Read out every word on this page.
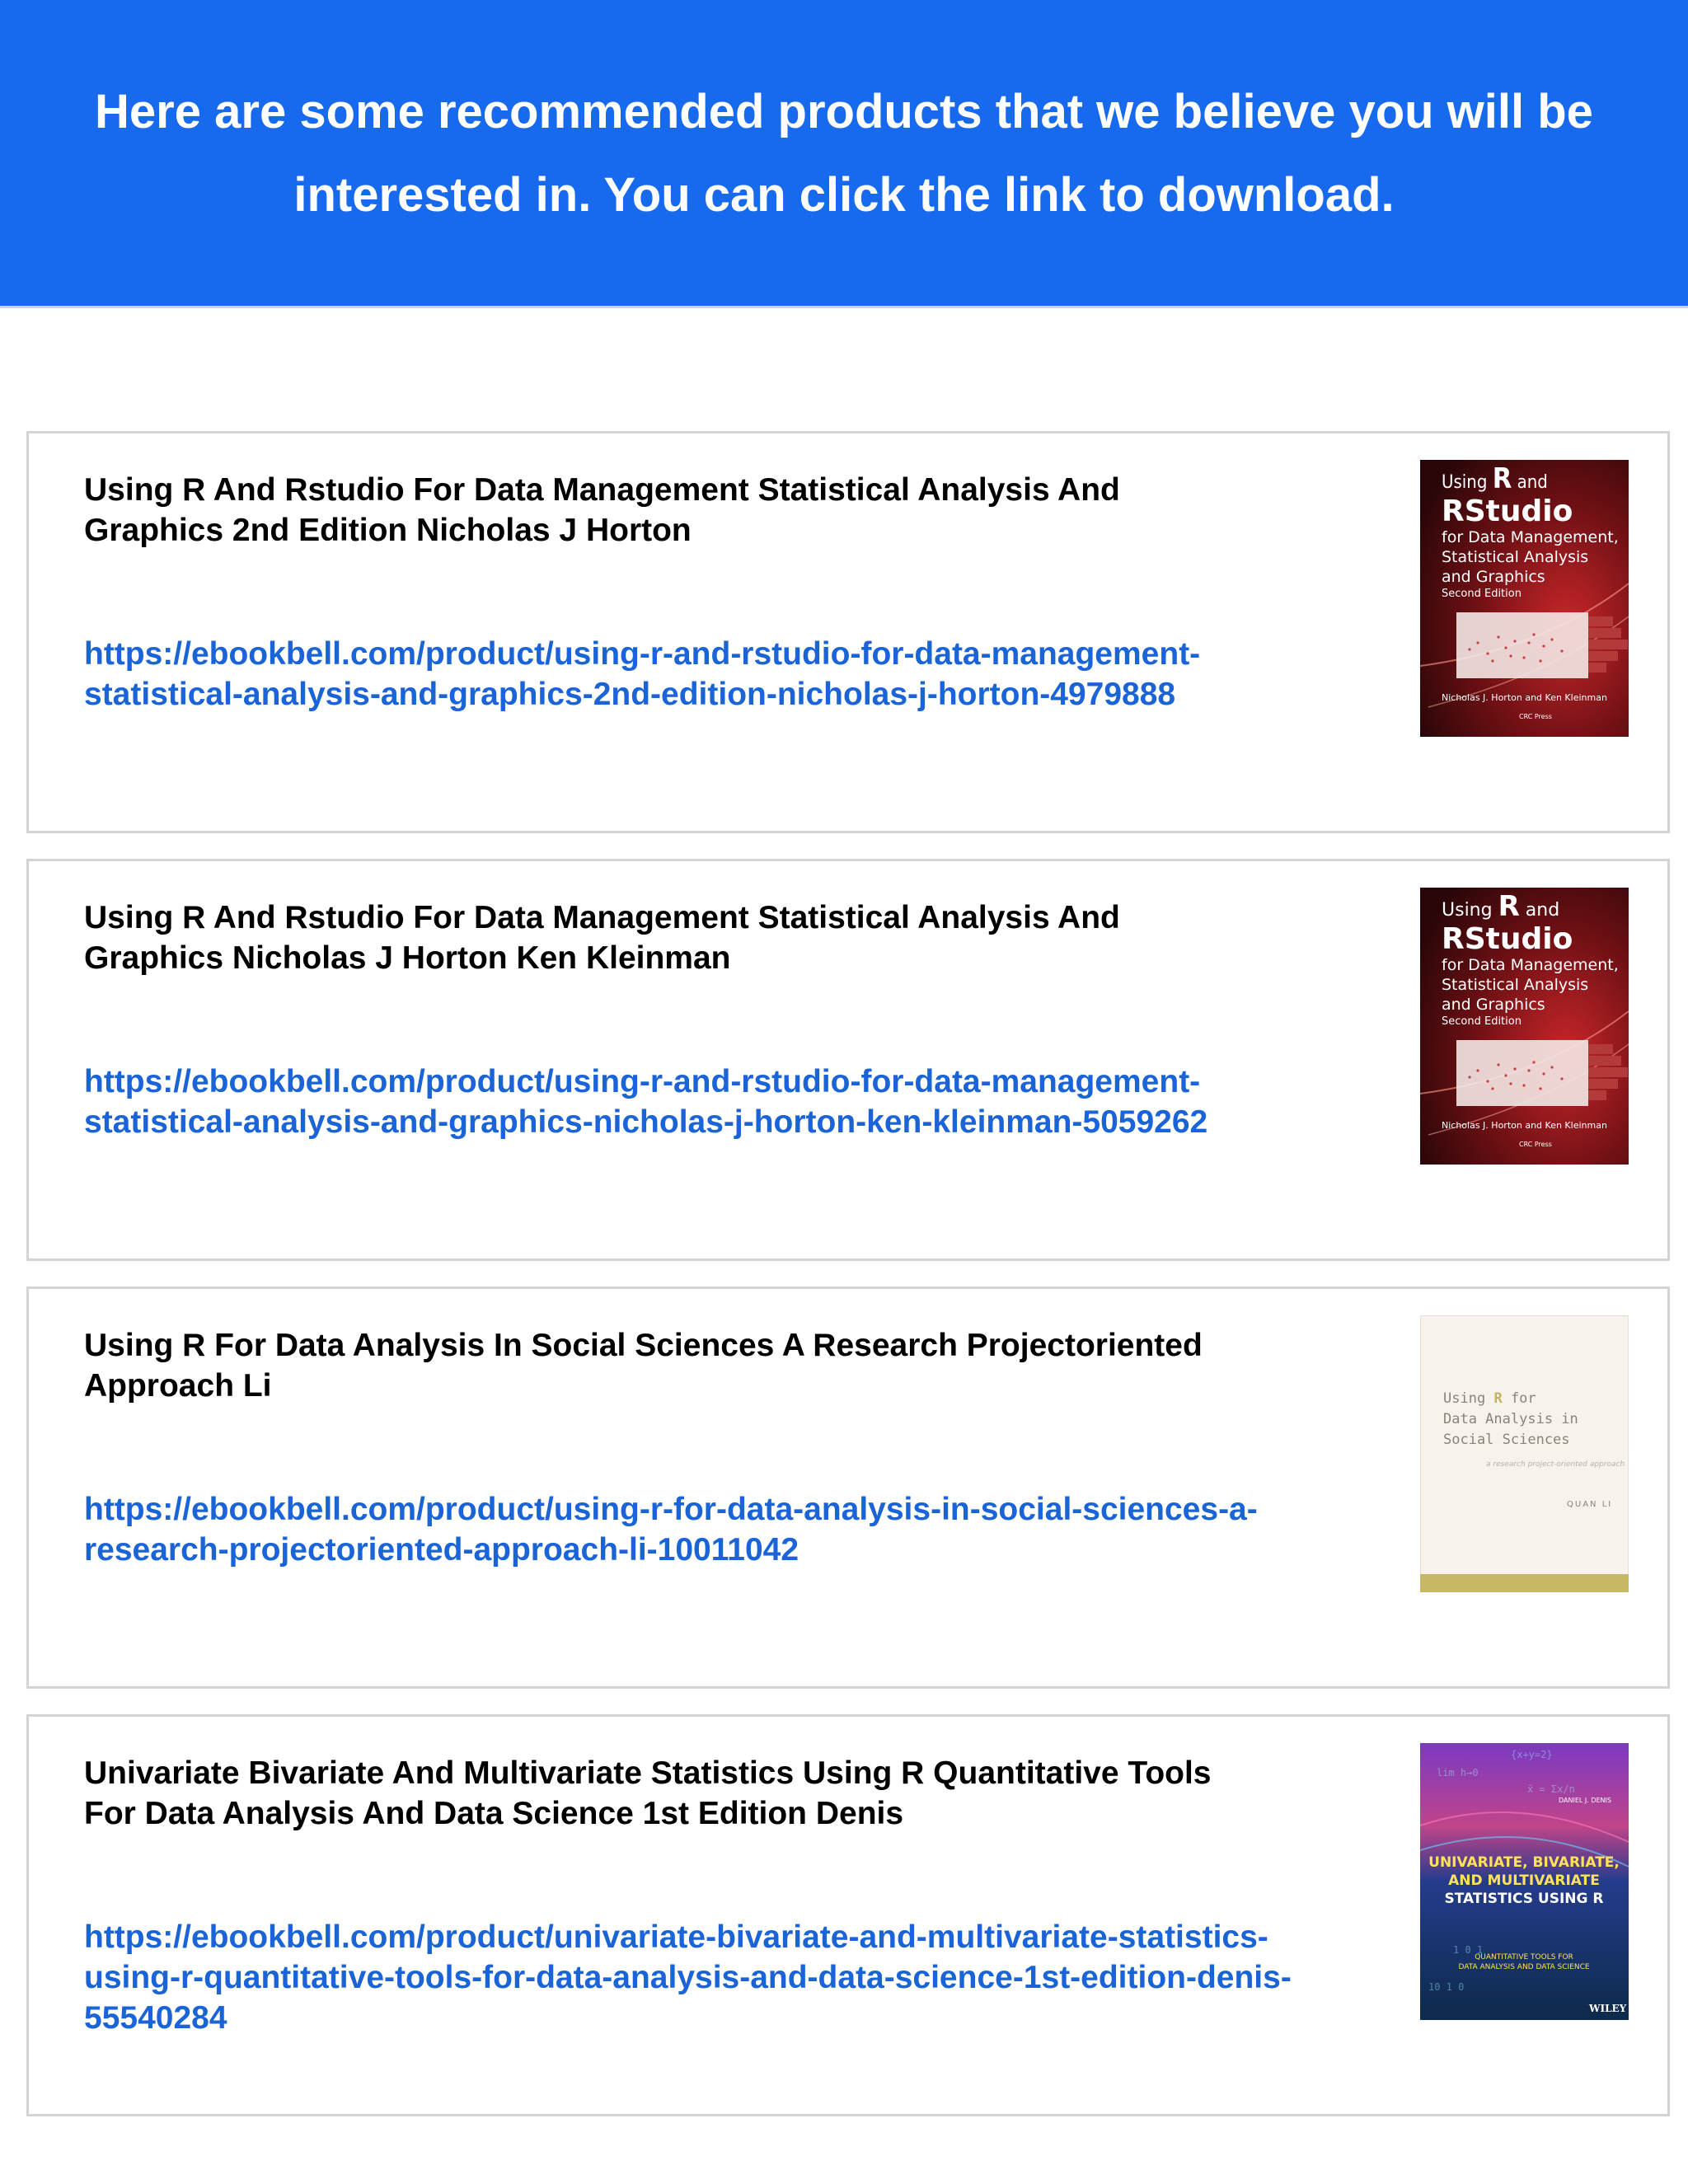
Here are some recommended products that we believe you will be
interested in. You can click the link to download.
Using R And Rstudio For Data Management Statistical Analysis And Graphics 2nd Edition Nicholas J Horton
https://ebookbell.com/product/using-r-and-rstudio-for-data-management-statistical-analysis-and-graphics-2nd-edition-nicholas-j-horton-4979888
Using R and
RStudio
for Data Management,
Statistical Analysis
and Graphics
Second Edition
Nicholas J. Horton and Ken Kleinman
CRC Press
Using R And Rstudio For Data Management Statistical Analysis And Graphics Nicholas J Horton Ken Kleinman
https://ebookbell.com/product/using-r-and-rstudio-for-data-management-statistical-analysis-and-graphics-nicholas-j-horton-ken-kleinman-5059262
Using R and
RStudio
for Data Management,
Statistical Analysis
and Graphics
Second Edition
Nicholas J. Horton and Ken Kleinman
CRC Press
Using R For Data Analysis In Social Sciences A Research Projectoriented Approach Li
https://ebookbell.com/product/using-r-for-data-analysis-in-social-sciences-a-research-projectoriented-approach-li-10011042
Using R for
Data Analysis in
Social Sciences
a research project-oriented approach
QUAN LI
Univariate Bivariate And Multivariate Statistics Using R Quantitative Tools For Data Analysis And Data Science 1st Edition Denis
https://ebookbell.com/product/univariate-bivariate-and-multivariate-statistics-using-r-quantitative-tools-for-data-analysis-and-data-science-1st-edition-denis-55540284
{x+y=2}
lim h→0
x̄ = Σx/n
1 0 1
10 1 0
DANIEL J. DENIS
UNIVARIATE, BIVARIATE,
AND MULTIVARIATE
STATISTICS USING R
QUANTITATIVE TOOLS FOR
DATA ANALYSIS AND DATA SCIENCE
WILEY
